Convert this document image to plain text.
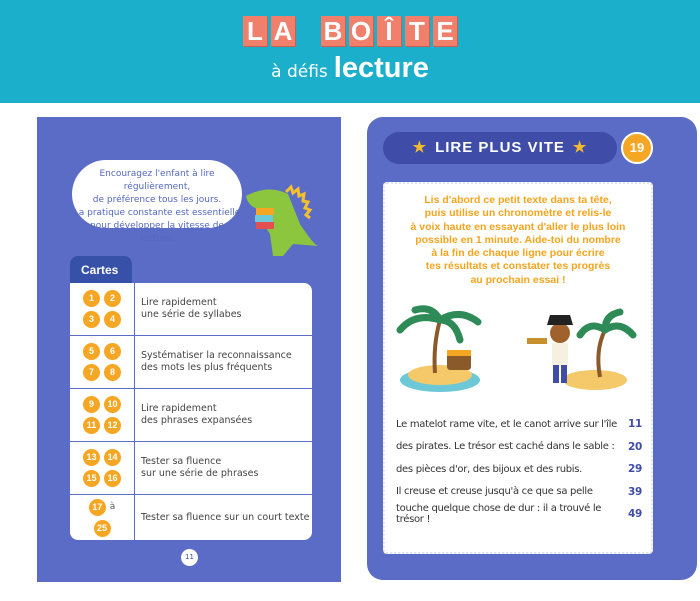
L A B O Î T E
à défis lecture
Encouragez l'enfant à lire régulièrement,
de préférence tous les jours.
La pratique constante est essentielle
pour développer la vitesse de lecture.
Cartes
1	2
3	4
Lire rapidement
une série de syllabes
5	6
7	8
Systématiser la reconnaissance
des mots les plus fréquents
9	10
11	12
Lire rapidement
des phrases expansées
13	14
15	16
Tester sa fluence
sur une série de phrases
17 à
25
Tester sa fluence sur un court texte
11
★ LIRE PLUS VITE ★	19
Lis d'abord ce petit texte dans ta tête,
puis utilise un chronomètre et relis-le
à voix haute en essayant d'aller le plus loin
possible en 1 minute. Aide-toi du nombre
à la fin de chaque ligne pour écrire
tes résultats et constater tes progrès
au prochain essai !
Le matelot rame vite, et le canot arrive sur l'île 11
des pirates. Le trésor est caché dans le sable : 20
des pièces d'or, des bijoux et des rubis.	29
Il creuse et creuse jusqu'à ce que sa pelle	39
touche quelque chose de dur : il a trouvé le trésor !	49
